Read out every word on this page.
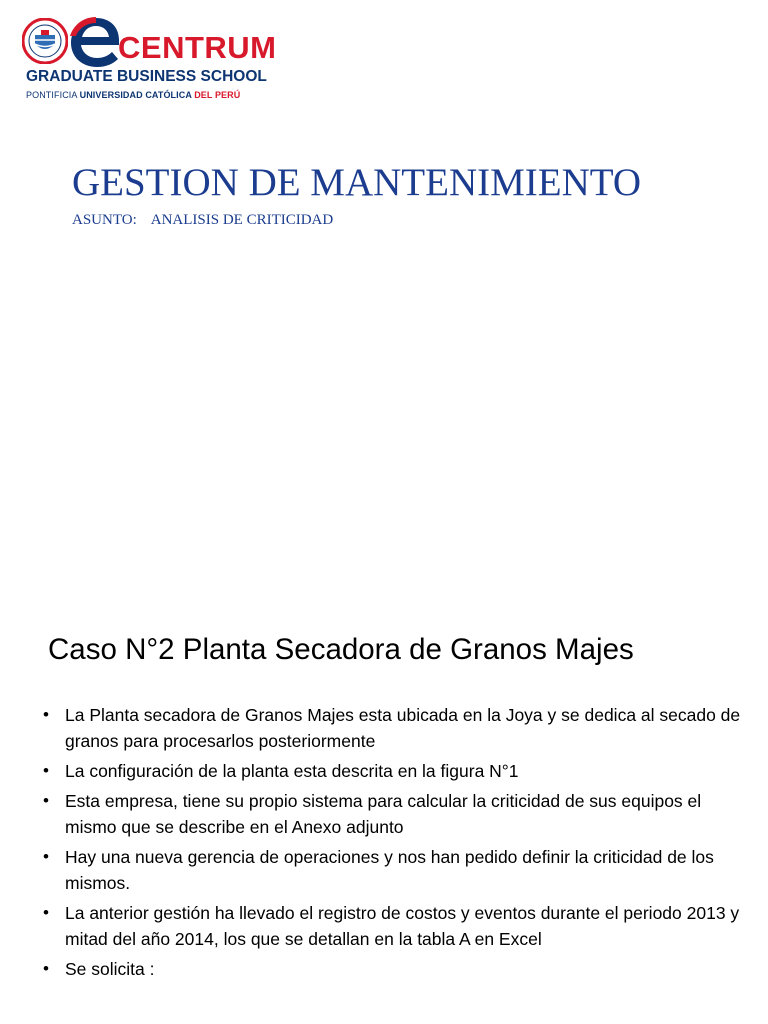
CENTRUM
GRADUATE BUSINESS SCHOOL
PONTIFICIA UNIVERSIDAD CATÓLICA DEL PERÚ
GESTION DE MANTENIMIENTO
ASUNTO: ANALISIS DE CRITICIDAD
Caso N°2 Planta Secadora de Granos Majes
• La Planta secadora de Granos Majes esta ubicada en la Joya y se dedica al secado de granos para procesarlos posteriormente
• La configuración de la planta esta descrita en la figura N°1
• Esta empresa, tiene su propio sistema para calcular la criticidad de sus equipos el mismo que se describe en el Anexo adjunto
• Hay una nueva gerencia de operaciones y nos han pedido definir la criticidad de los mismos.
• La anterior gestión ha llevado el registro de costos y eventos durante el periodo 2013 y mitad del año 2014, los que se detallan en la tabla A en Excel
• Se solicita :
